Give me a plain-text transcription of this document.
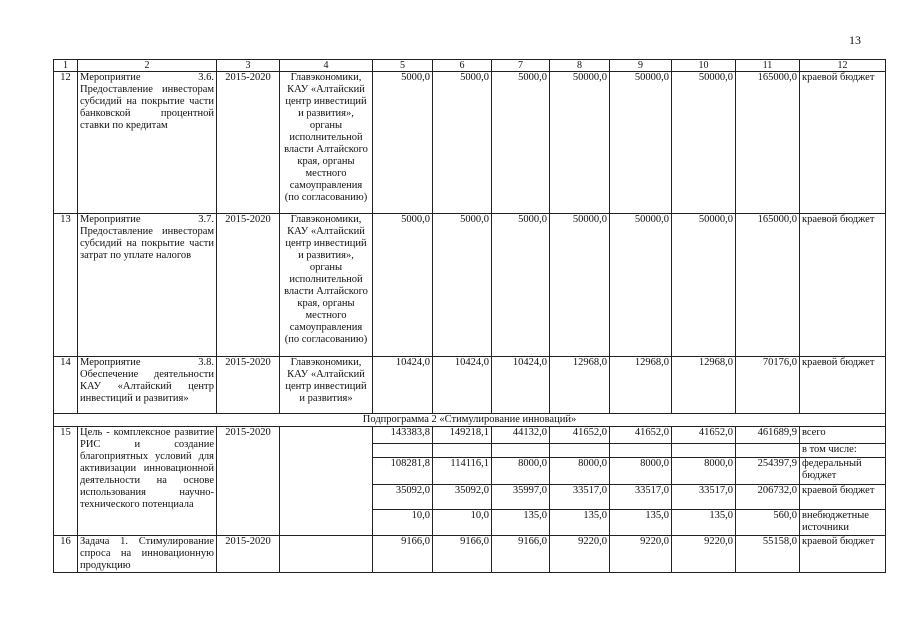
13
1	2	3	4	5	6	7	8	9	10	11	12
12	Мероприятие 3.6. Предоставление инвесторам субсидий на покрытие части банковской процентной ставки по кредитам	2015-2020	Главэкономики, КАУ «Алтайский центр инвестиций и развития», органы исполнительной власти Алтайского края, органы местного самоуправления (по согласованию)	5000,0	5000,0	5000,0	50000,0	50000,0	50000,0	165000,0	краевой бюджет
13	Мероприятие 3.7. Предоставление инвесторам субсидий на покрытие части затрат по уплате налогов	2015-2020	Главэкономики, КАУ «Алтайский центр инвестиций и развития», органы исполнительной власти Алтайского края, органы местного самоуправления (по согласованию)	5000,0	5000,0	5000,0	50000,0	50000,0	50000,0	165000,0	краевой бюджет
14	Мероприятие 3.8. Обеспечение деятельности КАУ «Алтайский центр инвестиций и развития»	2015-2020	Главэкономики, КАУ «Алтайский центр инвестиций и развития»	10424,0	10424,0	10424,0	12968,0	12968,0	12968,0	70176,0	краевой бюджет
Подпрограмма 2 «Стимулирование инноваций»											
15	Цель - комплексное развитие РИС и создание благоприятных условий для активизации инновационной деятельности на основе использования научно-технического потенциала	2015-2020		143383,8	149218,1	44132,0	41652,0	41652,0	41652,0	461689,9	всего
											в том числе:
				108281,8	114116,1	8000,0	8000,0	8000,0	8000,0	254397,9	федеральный бюджет
				35092,0	35092,0	35997,0	33517,0	33517,0	33517,0	206732,0	краевой бюджет
				10,0	10,0	135,0	135,0	135,0	135,0	560,0	внебюджетные источники
16	Задача 1. Стимулирование спроса на инновационную продукцию	2015-2020		9166,0	9166,0	9166,0	9220,0	9220,0	9220,0	55158,0	краевой бюджет
